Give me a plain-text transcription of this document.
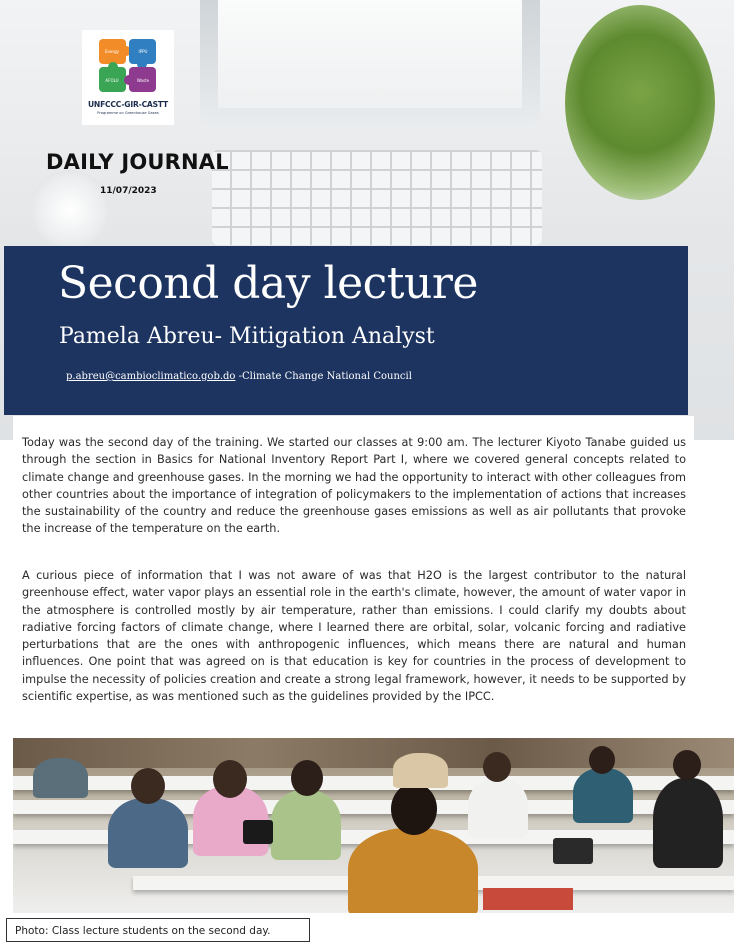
Energy	IPPU
AFOLU	Waste
UNFCCC-GIR-CASTT
Programme on Greenhouse Gases
DAILY JOURNAL
11/07/2023
Second day lecture
Pamela Abreu- Mitigation Analyst
p.abreu@cambioclimatico.gob.do -Climate Change National Council

Today was the second day of the training. We started our classes at 9:00 am. The lecturer Kiyoto Tanabe guided us through the section in Basics for National Inventory Report Part I, where we covered general concepts related to climate change and greenhouse gases. In the morning we had the opportunity to interact with other colleagues from other countries about the importance of integration of policymakers to the implementation of actions that increases the sustainability of the country and reduce the greenhouse gases emissions as well as air pollutants that provoke the increase of the temperature on the earth.

A curious piece of information that I was not aware of was that H2O is the largest contributor to the natural greenhouse effect, water vapor plays an essential role in the earth's climate, however, the amount of water vapor in the atmosphere is controlled mostly by air temperature, rather than emissions. I could clarify my doubts about radiative forcing factors of climate change, where I learned there are orbital, solar, volcanic forcing and radiative perturbations that are the ones with anthropogenic influences, which means there are natural and human influences. One point that was agreed on is that education is key for countries in the process of development to impulse the necessity of policies creation and create a strong legal framework, however, it needs to be supported by scientific expertise, as was mentioned such as the guidelines provided by the IPCC.

Photo: Class lecture students on the second day.
